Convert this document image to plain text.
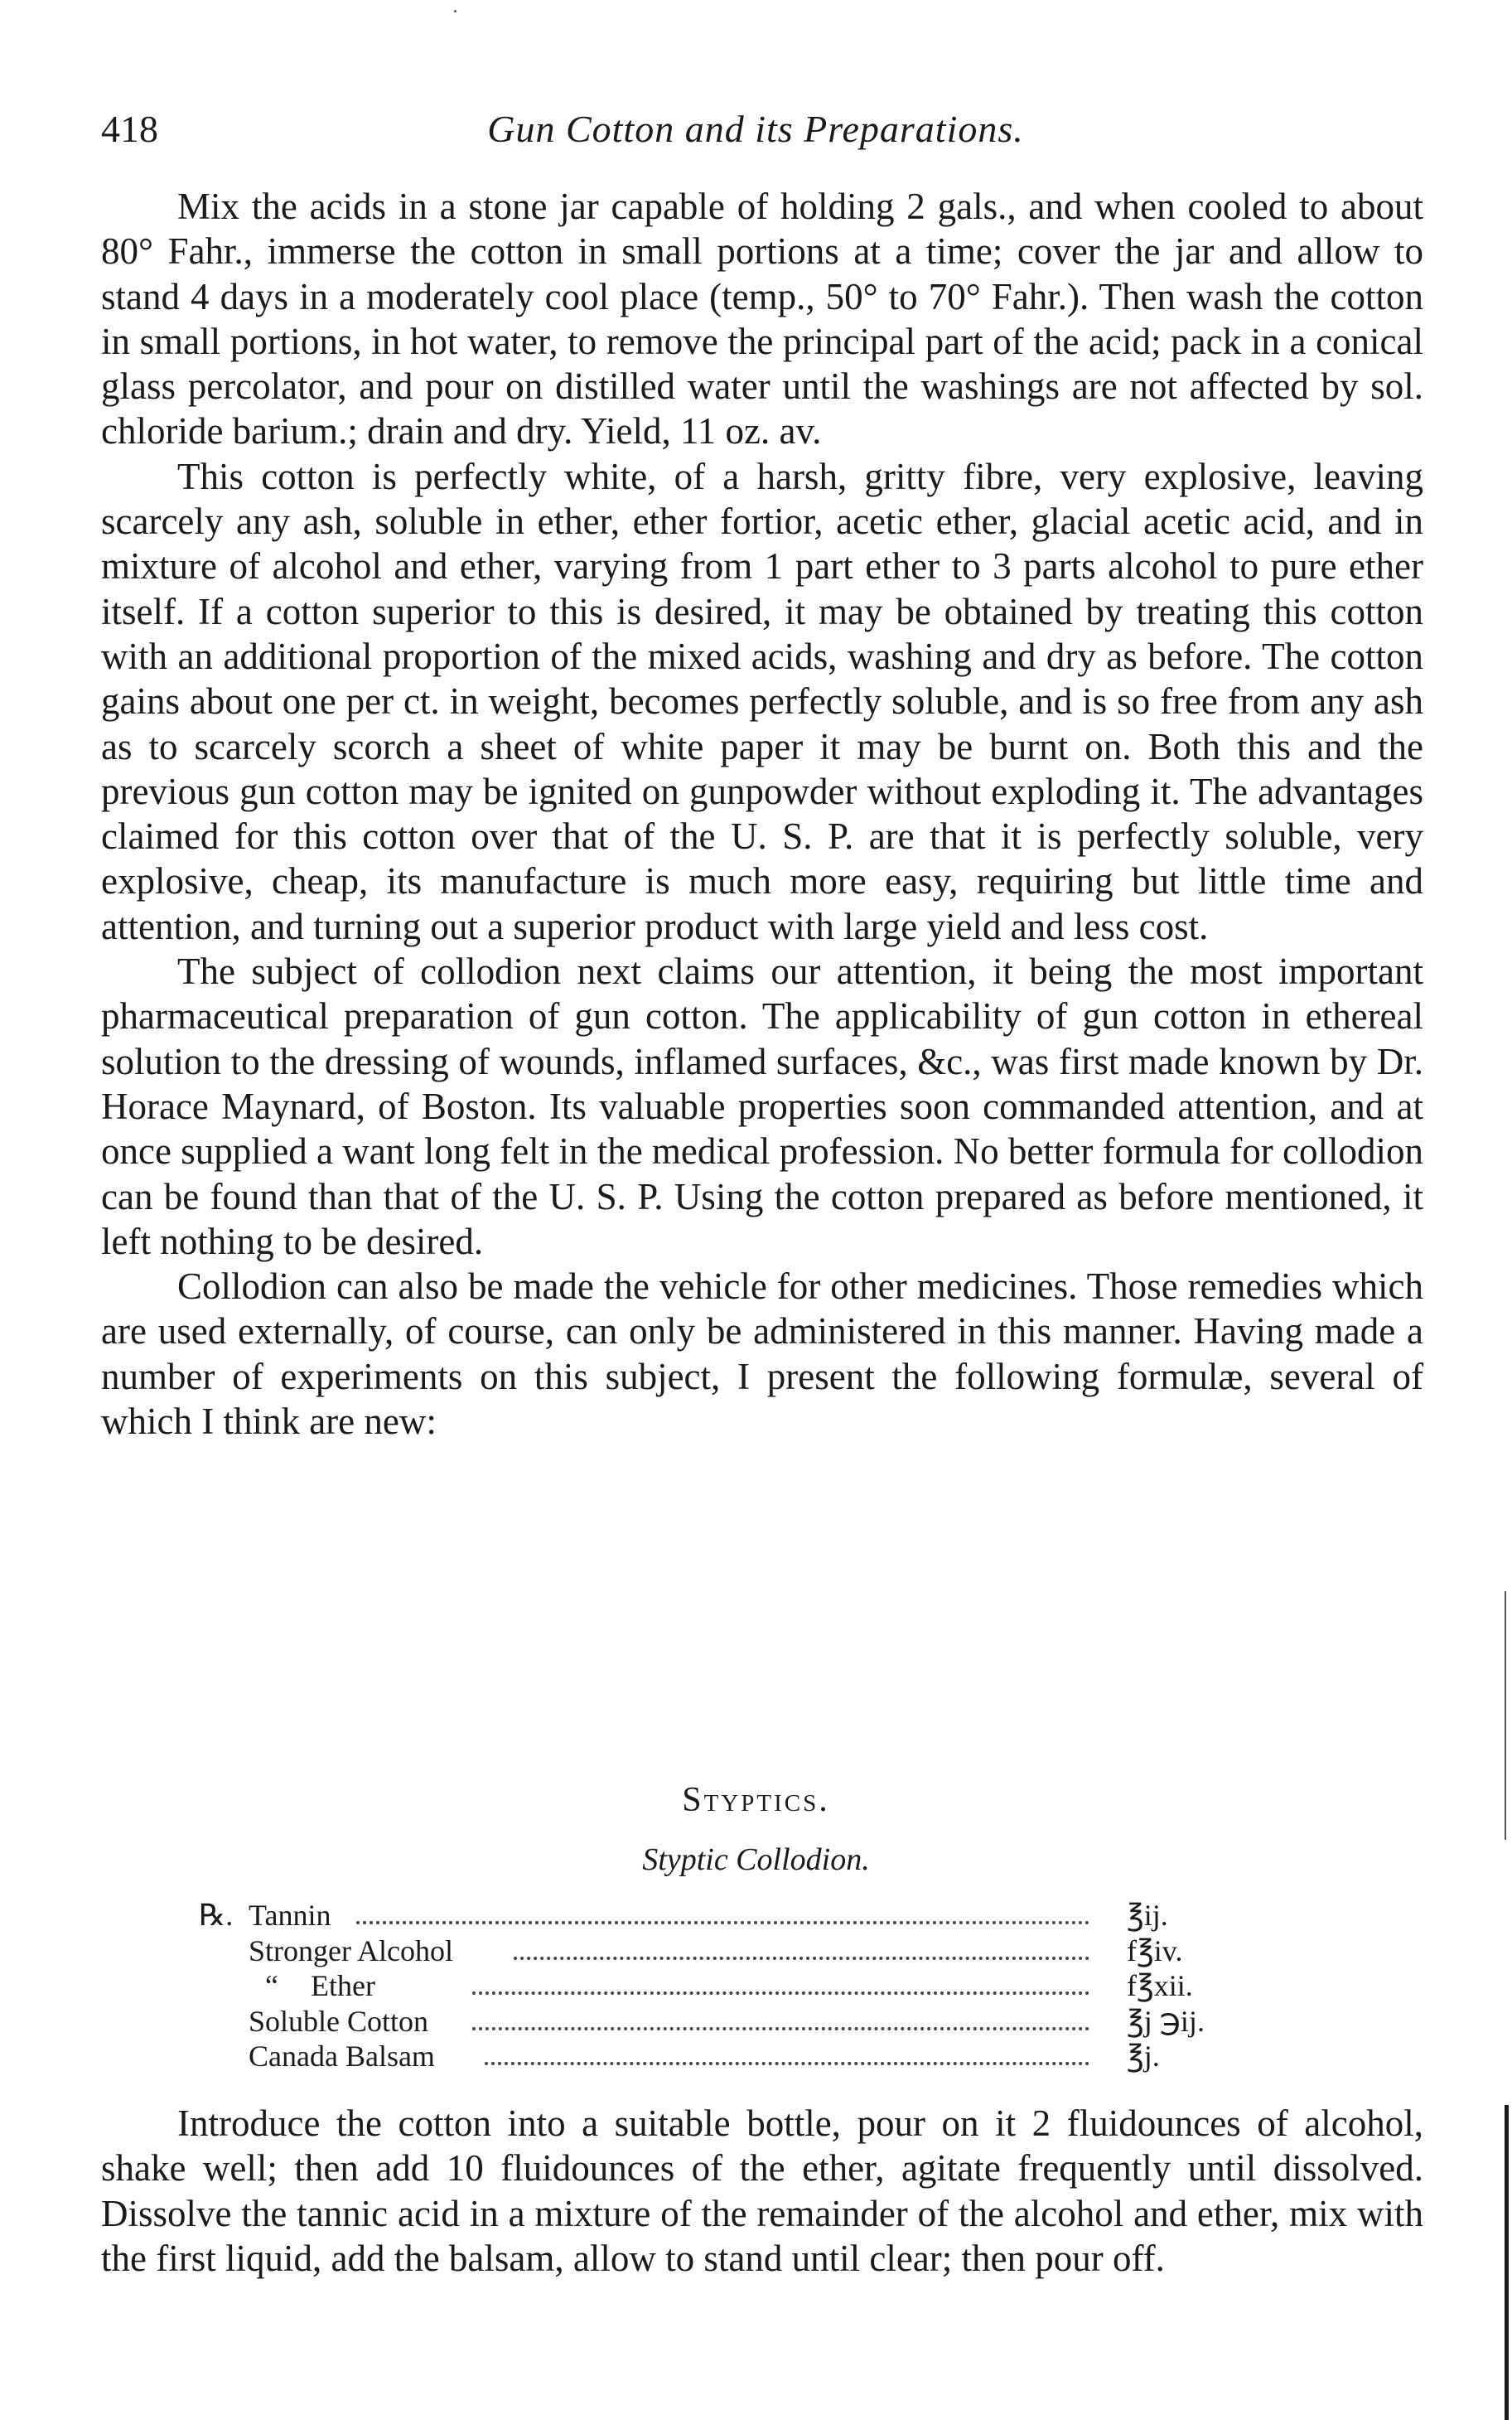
418	Gun Cotton and its Preparations.

Mix the acids in a stone jar capable of holding 2 gals., and when cooled to about 80° Fahr., immerse the cotton in small portions at a time; cover the jar and allow to stand 4 days in a moderately cool place (temp., 50° to 70° Fahr.). Then wash the cotton in small portions, in hot water, to remove the principal part of the acid; pack in a conical glass percolator, and pour on distilled water until the washings are not affected by sol. chloride barium.; drain and dry. Yield, 11 oz. av.

This cotton is perfectly white, of a harsh, gritty fibre, very explosive, leaving scarcely any ash, soluble in ether, ether fortior, acetic ether, glacial acetic acid, and in mixture of alcohol and ether, varying from 1 part ether to 3 parts alcohol to pure ether itself. If a cotton superior to this is desired, it may be obtained by treating this cotton with an additional proportion of the mixed acids, washing and dry as before. The cotton gains about one per ct. in weight, becomes perfectly soluble, and is so free from any ash as to scarcely scorch a sheet of white paper it may be burnt on. Both this and the previous gun cotton may be ignited on gunpowder without exploding it. The advantages claimed for this cotton over that of the U. S. P. are that it is perfectly soluble, very explosive, cheap, its manufacture is much more easy, requiring but little time and attention, and turning out a superior product with large yield and less cost.

The subject of collodion next claims our attention, it being the most important pharmaceutical preparation of gun cotton. The applicability of gun cotton in ethereal solution to the dressing of wounds, inflamed surfaces, &c., was first made known by Dr. Horace Maynard, of Boston. Its valuable properties soon commanded attention, and at once supplied a want long felt in the medical profession. No better formula for collodion can be found than that of the U. S. P. Using the cotton prepared as before mentioned, it left nothing to be desired.

Collodion can also be made the vehicle for other medicines. Those remedies which are used externally, of course, can only be administered in this manner. Having made a number of experiments on this subject, I present the following formulæ, several of which I think are new:

Styptics.
Styptic Collodion.
℞. Tannin	℥ij.
Stronger Alcohol	f℥iv.
“ Ether	f℥xii.
Soluble Cotton	℥j ℈ij.
Canada Balsam	℥j.

Introduce the cotton into a suitable bottle, pour on it 2 fluidounces of alcohol, shake well; then add 10 fluidounces of the ether, agitate frequently until dissolved. Dissolve the tannic acid in a mixture of the remainder of the alcohol and ether, mix with the first liquid, add the balsam, allow to stand until clear; then pour off.
